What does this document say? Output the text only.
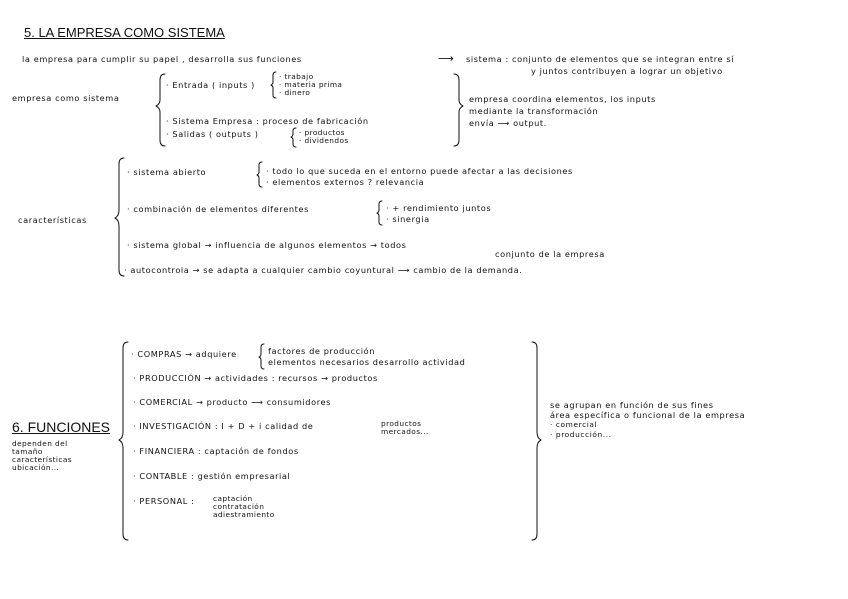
5. LA EMPRESA COMO SISTEMA
la empresa para cumplir su papel , desarrolla sus funciones	⟶ sistema : conjunto de elementos que se integran entre sí
y juntos contribuyen a lograr un objetivo
empresa como sistema
· Entrada ( inputs )
· trabajo
· materia prima
· dinero
· Sistema Empresa : proceso de fabricación
· Salidas ( outputs )	· productos
· dividendos
empresa coordina elementos, los inputs
mediante la transformación
envía ⟶ output.
características
· sistema abierto	· todo lo que suceda en el entorno puede afectar a las decisiones
· elementos externos ? relevancia
· combinación de elementos diferentes	· + rendimiento juntos
· sinergia
· sistema global → influencia de algunos elementos → todos
conjunto de la empresa
· autocontrola → se adapta a cualquier cambio coyuntural ⟶ cambio de la demanda.
6. FUNCIONES
dependen del
tamaño
características
ubicación...
· COMPRAS → adquiere	factores de producción
elementos necesarios desarrollo actividad
· PRODUCCIÓN → actividades : recursos → productos
· COMERCIAL → producto ⟶ consumidores
· INVESTIGACIÓN : I + D + i calidad de	productos
mercados...
· FINANCIERA : captación de fondos
· CONTABLE : gestión empresarial
· PERSONAL :	captación
contratación
adiestramiento
se agrupan en función de sus fines
área específica o funcional de la empresa
· comercial
· producción...
